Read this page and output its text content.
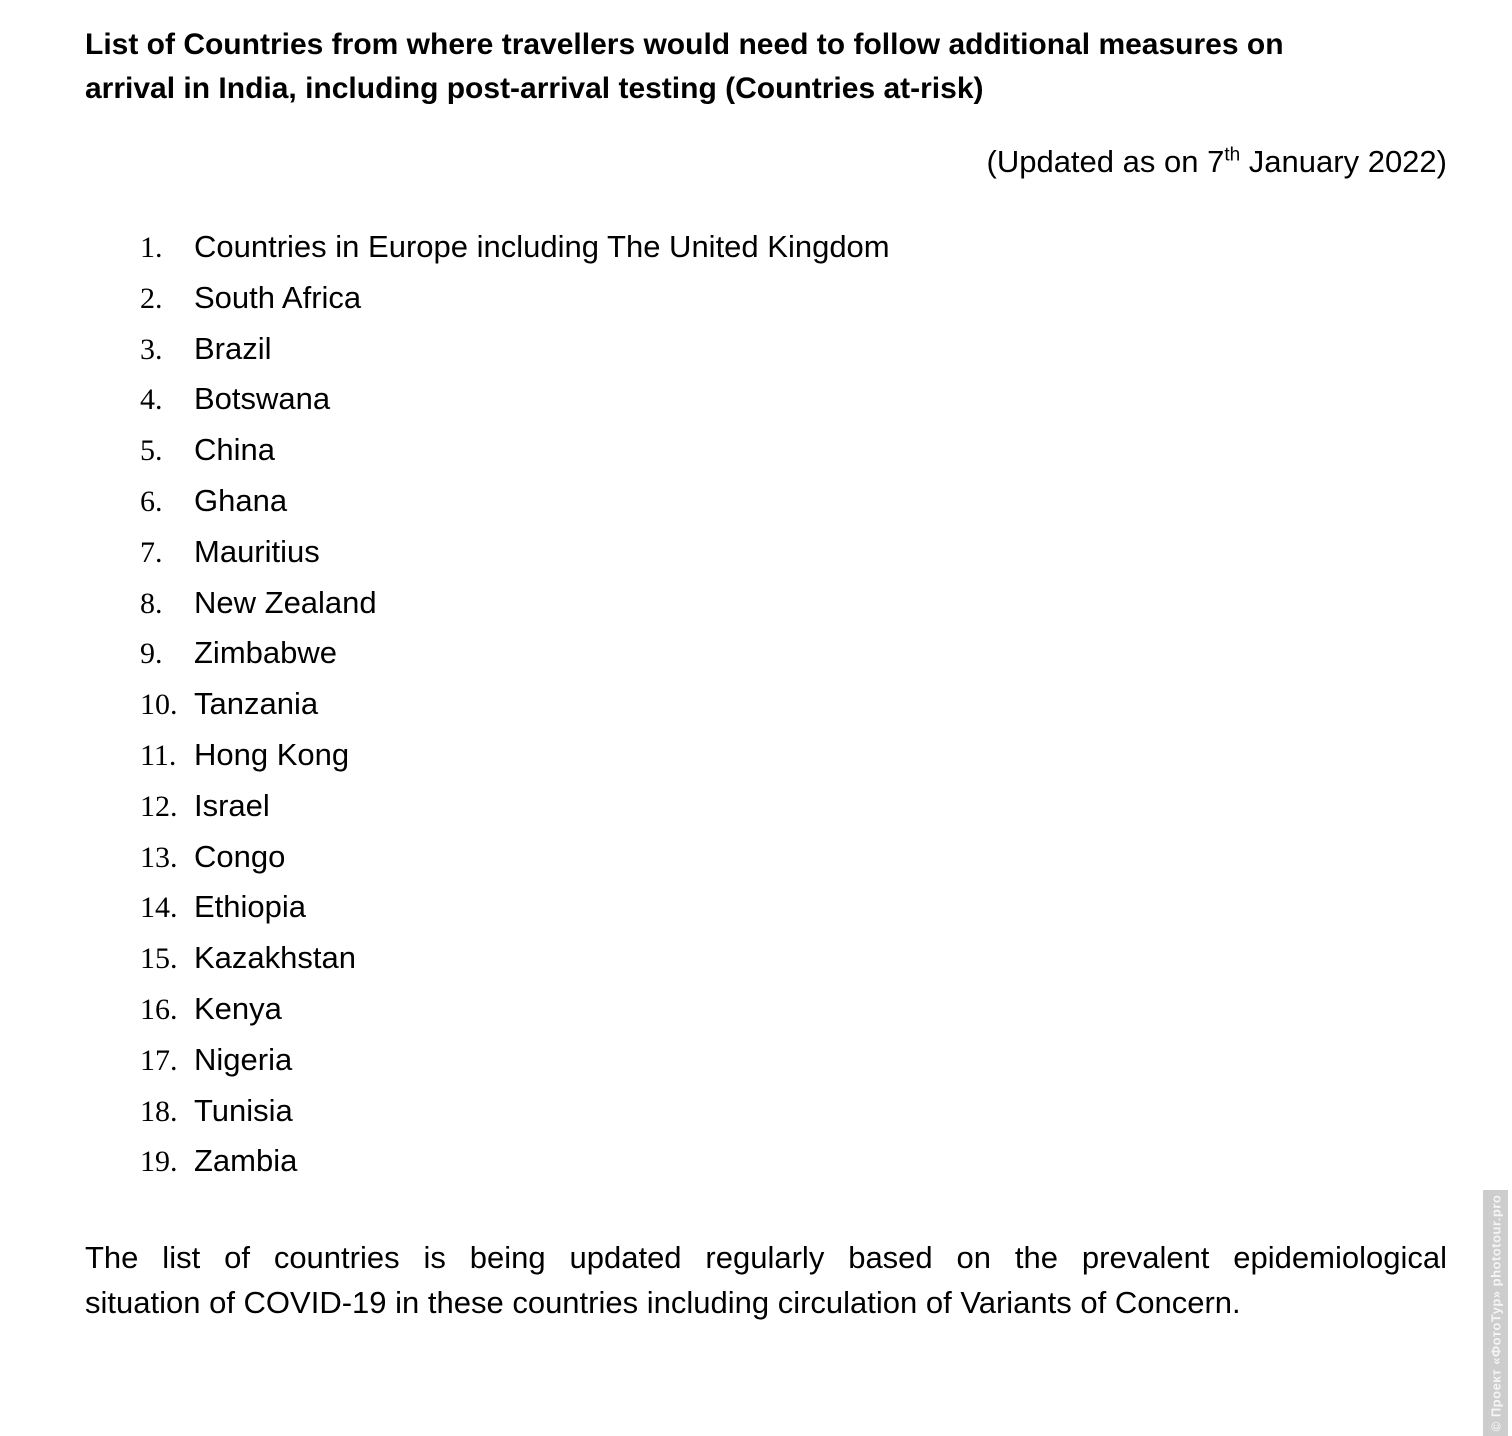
List of Countries from where travellers would need to follow additional measures on
arrival in India, including post-arrival testing (Countries at-risk)
(Updated as on 7th January 2022)
1.	Countries in Europe including The United Kingdom
2.	South Africa
3.	Brazil
4.	Botswana
5.	China
6.	Ghana
7.	Mauritius
8.	New Zealand
9.	Zimbabwe
10. Tanzania
11. Hong Kong
12. Israel
13. Congo
14. Ethiopia
15. Kazakhstan
16. Kenya
17. Nigeria
18. Tunisia
19. Zambia
The list of countries is being updated regularly based on the prevalent epidemiological
situation of COVID-19 in these countries including circulation of Variants of Concern.	© Проект «ФотоТур» phototour.pro
